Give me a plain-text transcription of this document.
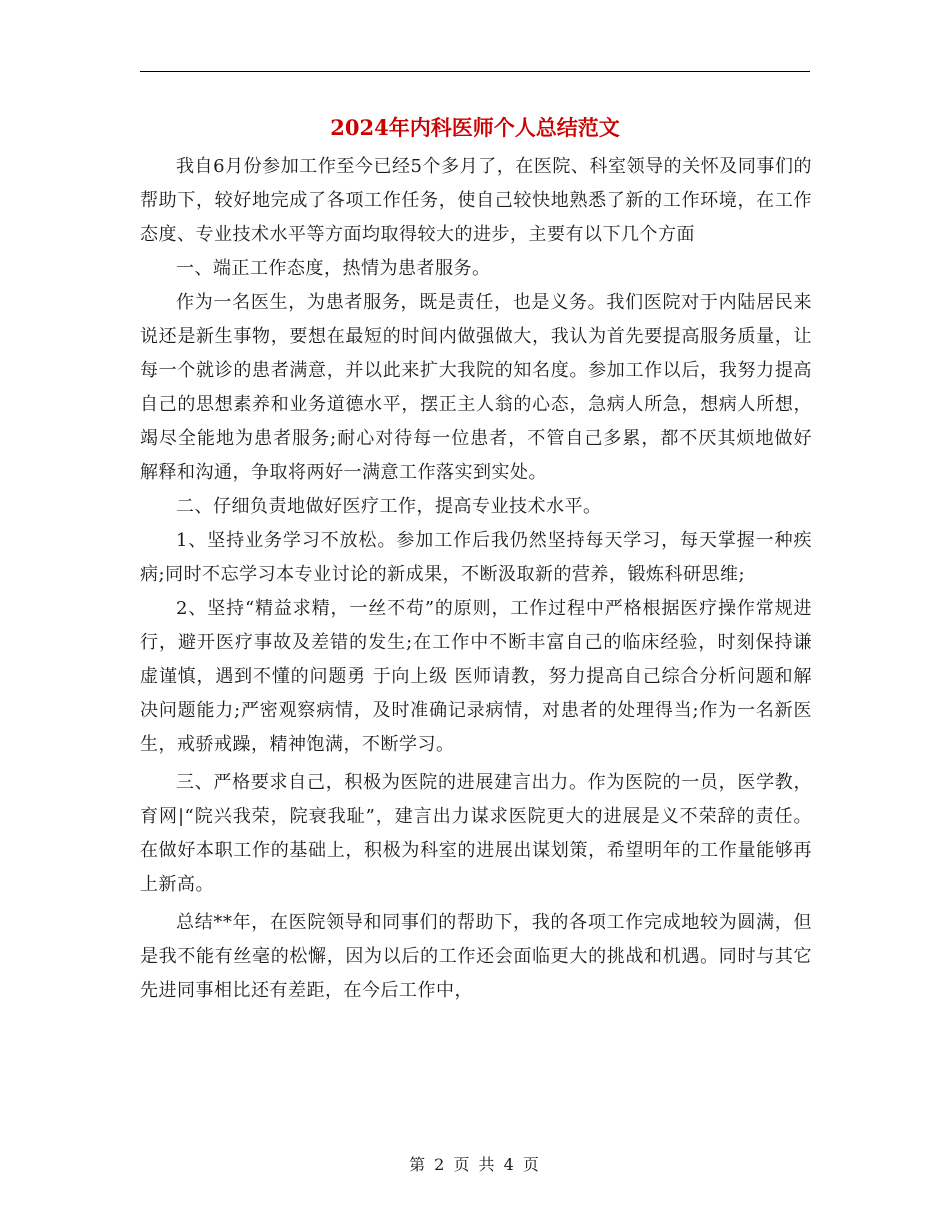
2024年内科医师个人总结范文

我自6月份参加工作至今已经5个多月了，在医院、科室领导的关怀及同事们的帮助下，较好地完成了各项工作任务，使自己较快地熟悉了新的工作环境，在工作态度、专业技术水平等方面均取得较大的进步，主要有以下几个方面

一、端正工作态度，热情为患者服务。

作为一名医生，为患者服务，既是责任，也是义务。我们医院对于内陆居民来说还是新生事物，要想在最短的时间内做强做大，我认为首先要提高服务质量，让每一个就诊的患者满意，并以此来扩大我院的知名度。参加工作以后，我努力提高自己的思想素养和业务道德水平，摆正主人翁的心态，急病人所急，想病人所想，竭尽全能地为患者服务;耐心对待每一位患者，不管自己多累，都不厌其烦地做好解释和沟通，争取将两好一满意工作落实到实处。

二、仔细负责地做好医疗工作，提高专业技术水平。

1、坚持业务学习不放松。参加工作后我仍然坚持每天学习，每天掌握一种疾病;同时不忘学习本专业讨论的新成果，不断汲取新的营养，锻炼科研思维;

2、坚持“精益求精，一丝不苟”的原则，工作过程中严格根据医疗操作常规进行，避开医疗事故及差错的发生;在工作中不断丰富自己的临床经验，时刻保持谦虚谨慎，遇到不懂的问题勇 于向上级 医师请教，努力提高自己综合分析问题和解决问题能力;严密观察病情，及时准确记录病情，对患者的处理得当;作为一名新医生，戒骄戒躁，精神饱满，不断学习。

三、严格要求自己，积极为医院的进展建言出力。作为医院的一员，医学教，育网|“院兴我荣，院衰我耻”，建言出力谋求医院更大的进展是义不荣辞的责任。在做好本职工作的基础上，积极为科室的进展出谋划策，希望明年的工作量能够再上新高。

总结**年，在医院领导和同事们的帮助下，我的各项工作完成地较为圆满，但是我不能有丝毫的松懈，因为以后的工作还会面临更大的挑战和机遇。同时与其它先进同事相比还有差距，在今后工作中，

第 2 页 共 4 页
